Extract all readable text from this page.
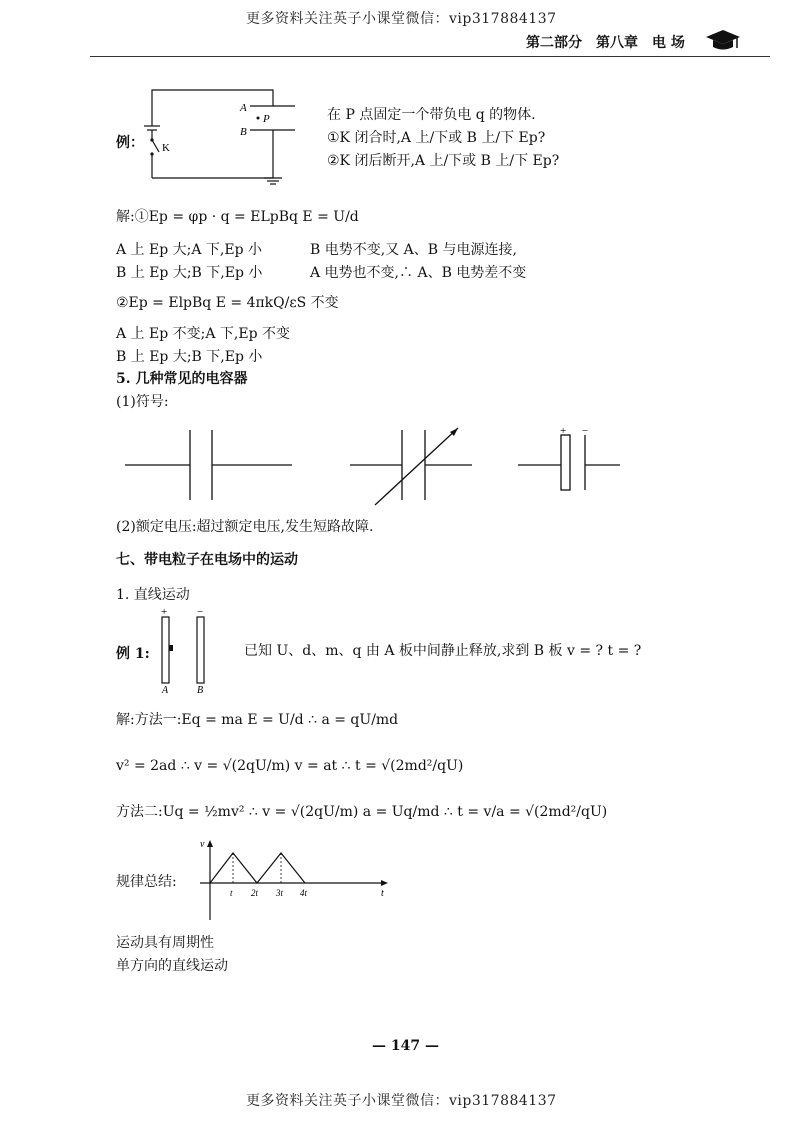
更多资料关注英子小课堂微信：vip317884137
第二部分 第八章 电 场
例：
A
B
P
K
在 P 点固定一个带负电 q 的物体.
①K 闭合时,A 上/下或 B 上/下 Ep?
②K 闭后断开,A 上/下或 B 上/下 Ep?
解:①Ep = φp · q = ELpBq E = U/d
A 上 Ep 大;A 下,Ep 小	B 电势不变,又 A、B 与电源连接,
B 上 Ep 大;B 下,Ep 小	A 电势也不变,∴ A、B 电势差不变
②Ep = ElpBq E = 4πkQ/εS 不变
A 上 Ep 不变;A 下,Ep 不变
B 上 Ep 大;B 下,Ep 小
5. 几种常见的电容器
(1)符号:
+ −
(2)额定电压:超过额定电压,发生短路故障.
七、带电粒子在电场中的运动
1. 直线运动
例 1:
+	−
A	B
已知 U、d、m、q 由 A 板中间静止释放,求到 B 板 v = ? t = ?
解:方法一:Eq = ma E = U/d ∴ a = qU/md
v² = 2ad ∴ v = √(2qU/m) v = at ∴ t = √(2md²/qU)
方法二:Uq = ½mv² ∴ v = √(2qU/m) a = Uq/md ∴ t = v/a = √(2md²/qU)
规律总结:
v
t
t 2t 3t 4t
运动具有周期性
单方向的直线运动
— 147 —
更多资料关注英子小课堂微信：vip317884137
